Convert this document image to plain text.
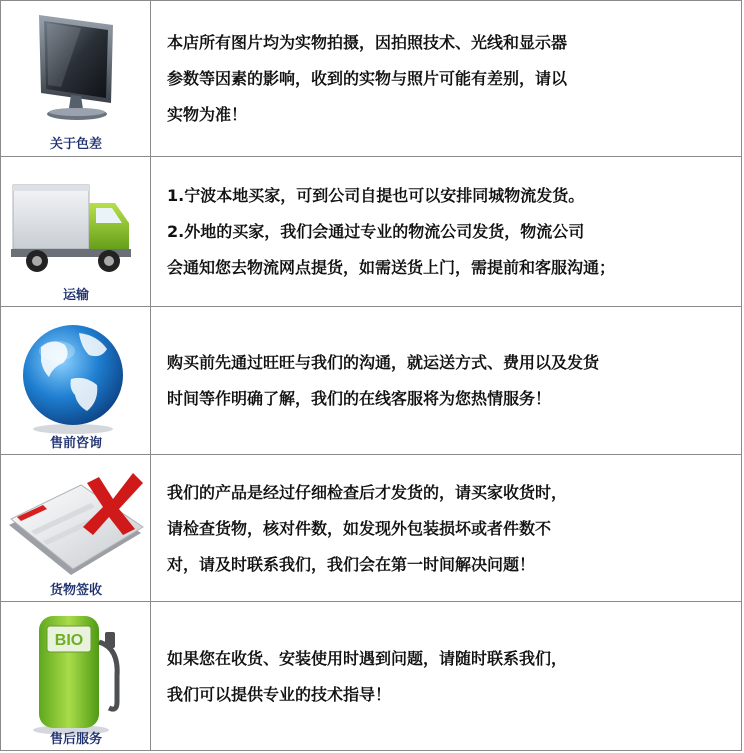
关于色差
本店所有图片均为实物拍摄，因拍照技术、光线和显示器
参数等因素的影响，收到的实物与照片可能有差别，请以
实物为准！
运输
1.宁波本地买家，可到公司自提也可以安排同城物流发货。
2.外地的买家，我们会通过专业的物流公司发货，物流公司
会通知您去物流网点提货，如需送货上门，需提前和客服沟通；
售前咨询
购买前先通过旺旺与我们的沟通，就运送方式、费用以及发货
时间等作明确了解，我们的在线客服将为您热情服务！
货物签收
我们的产品是经过仔细检查后才发货的，请买家收货时，
请检查货物，核对件数，如发现外包装损坏或者件数不
对，请及时联系我们，我们会在第一时间解决问题！
BIO
售后服务
如果您在收货、安装使用时遇到问题，请随时联系我们，
我们可以提供专业的技术指导！
